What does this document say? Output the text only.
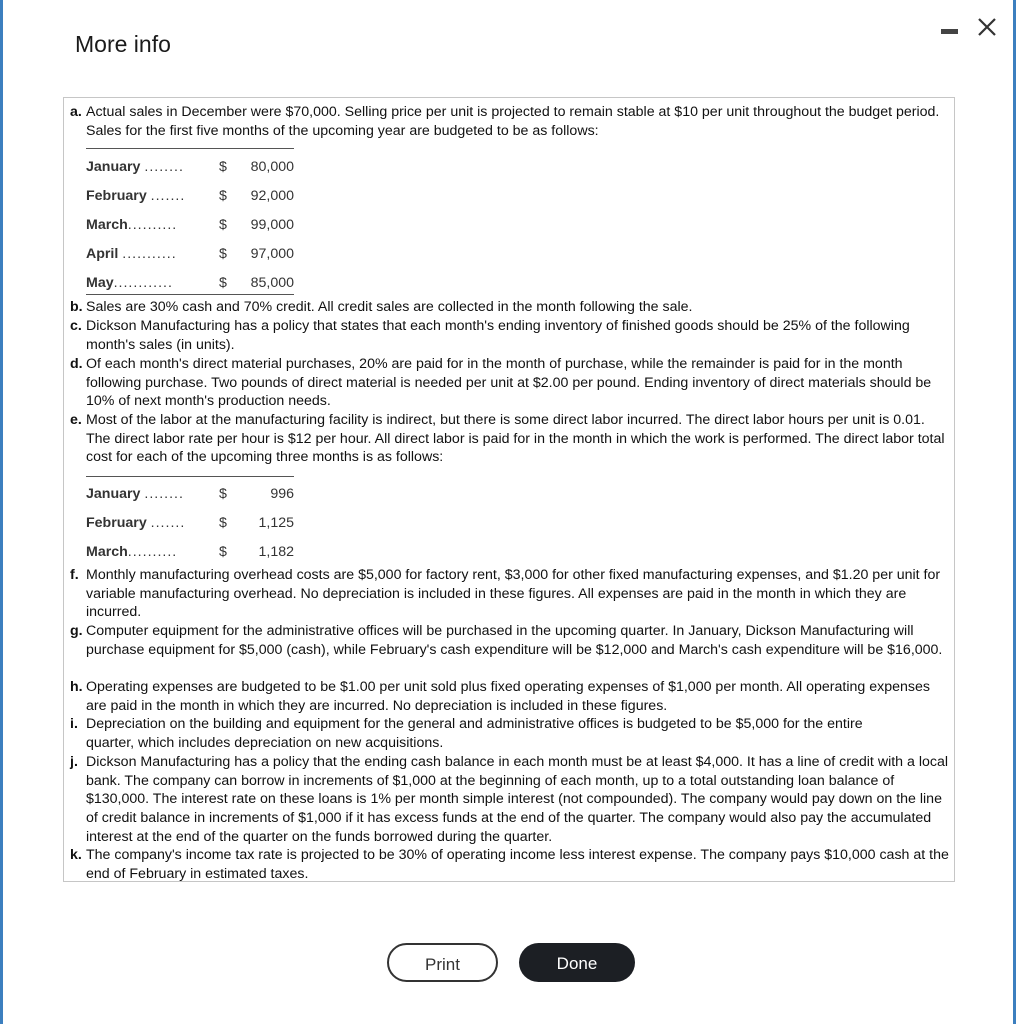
More info
a. Actual sales in December were $70,000. Selling price per unit is projected to remain stable at $10 per unit throughout the budget period. Sales for the first five months of the upcoming year are budgeted to be as follows:
January ........ $ 80,000
February ....... $ 92,000
March..........	$ 99,000
April ...........	$ 97,000
May............	$ 85,000
b. Sales are 30% cash and 70% credit. All credit sales are collected in the month following the sale.
c. Dickson Manufacturing has a policy that states that each month's ending inventory of finished goods should be 25% of the following month's sales (in units).
d. Of each month's direct material purchases, 20% are paid for in the month of purchase, while the remainder is paid for in the month following purchase. Two pounds of direct material is needed per unit at $2.00 per pound. Ending inventory of direct materials should be 10% of next month's production needs.
e. Most of the labor at the manufacturing facility is indirect, but there is some direct labor incurred. The direct labor hours per unit is 0.01. The direct labor rate per hour is $12 per hour. All direct labor is paid for in the month in which the work is performed. The direct labor total cost for each of the upcoming three months is as follows:
January ........ $	996
February ....... $ 1,125
March..........	$ 1,182
f. Monthly manufacturing overhead costs are $5,000 for factory rent, $3,000 for other fixed manufacturing expenses, and $1.20 per unit for variable manufacturing overhead. No depreciation is included in these figures. All expenses are paid in the month in which they are incurred.
g. Computer equipment for the administrative offices will be purchased in the upcoming quarter. In January, Dickson Manufacturing will purchase equipment for $5,000 (cash), while February's cash expenditure will be $12,000 and March's cash expenditure will be $16,000.
h. Operating expenses are budgeted to be $1.00 per unit sold plus fixed operating expenses of $1,000 per month. All operating expenses are paid in the month in which they are incurred. No depreciation is included in these figures.
i. Depreciation on the building and equipment for the general and administrative offices is budgeted to be $5,000 for the entire quarter, which includes depreciation on new acquisitions.
j. Dickson Manufacturing has a policy that the ending cash balance in each month must be at least $4,000. It has a line of credit with a local bank. The company can borrow in increments of $1,000 at the beginning of each month, up to a total outstanding loan balance of $130,000. The interest rate on these loans is 1% per month simple interest (not compounded). The company would pay down on the line of credit balance in increments of $1,000 if it has excess funds at the end of the quarter. The company would also pay the accumulated interest at the end of the quarter on the funds borrowed during the quarter.
k. The company's income tax rate is projected to be 30% of operating income less interest expense. The company pays $10,000 cash at the end of February in estimated taxes.
Print	Done
